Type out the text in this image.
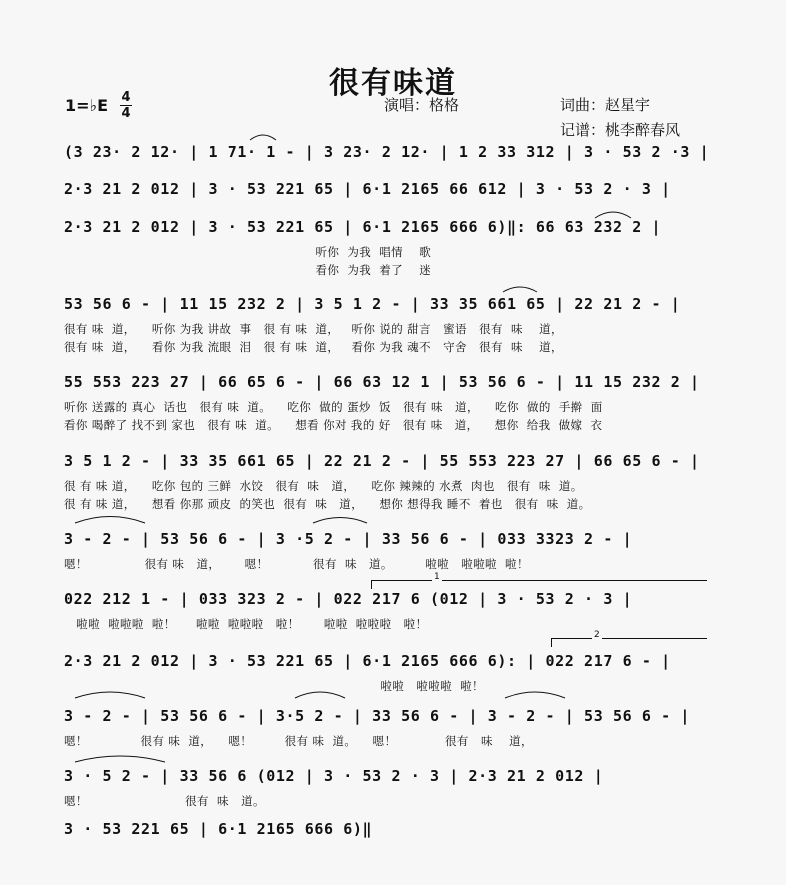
很有味道
1=♭E 4
4	演唱：格格	词曲：赵星宇
记谱：桃李醉春风
(3 23· 2 12· | 1 71· 1 - | 3 23· 2 12· | 1 2 33 312 | 3 · 53 2 ·3 |
2·3 21 2 012 | 3 · 53 221 65 | 6·1 2165 66 612 | 3 · 53 2 · 3 |
2·3 21 2 012 | 3 · 53 221 65 | 6·1 2165 666 6)‖: 66 63 232 2 |
听你  为我  唱情    歌
看你  为我  着了    迷
53 56 6 - | 11 15 232 2 | 3 5 1 2 - | 33 35 661 65 | 22 21 2 - |
很有 味  道，    听你 为我 讲故  事   很 有 味  道，   听你 说的 甜言   蜜语   很有  味    道，
很有 味  道，    看你 为我 流眼  泪   很 有 味  道，   看你 为我 魂不   守舍   很有  味    道，
55 553 223 27 | 66 65 6 - | 66 63 12 1 | 53 56 6 - | 11 15 232 2 |
听你 送露的 真心  话也   很有 味  道。    吃你  做的 蛋炒  饭   很有 味   道，    吃你  做的  手擀  面
看你 喝醉了 找不到 家也   很有 味  道。    想看 你对 我的 好   很有 味   道，    想你  给我  做嫁  衣
3 5 1 2 - | 33 35 661 65 | 22 21 2 - | 55 553 223 27 | 66 65 6 - |
很 有 味 道，    吃你 包的 三鲜  水饺   很有  味   道，    吃你 辣辣的 水煮  肉也   很有  味  道。
很 有 味 道，    想看 你那 顽皮  的笑也  很有  味   道，    想你 想得我 睡不  着也   很有  味  道。
3 - 2 - | 53 56 6 - | 3 ·5 2 - | 33 56 6 - | 033 3323 2 - |
嗯！              很有 味   道，      嗯！           很有  味   道。        啦啦   啦啦啦  啦！
022 212 1 - | 033 323 2 - | 022 217 6 (012 | 3 · 53 2 · 3 |
啦啦  啦啦啦  啦！     啦啦  啦啦啦   啦！      啦啦  啦啦啦   啦！
2·3 21 2 012 | 3 · 53 221 65 | 6·1 2165 666 6): | 022 217 6 - |
啦啦   啦啦啦  啦！
3 - 2 - | 53 56 6 - | 3·5 2 - | 33 56 6 - | 3 - 2 - | 53 56 6 - |
嗯！             很有 味  道，    嗯！        很有 味  道。    嗯！            很有   味    道，
3 · 5 2 - | 33 56 6 (012 | 3 · 53 2 · 3 | 2·3 21 2 012 |
嗯！                        很有  味   道。
3 · 53 221 65 | 6·1 2165 666 6)‖
1
2
